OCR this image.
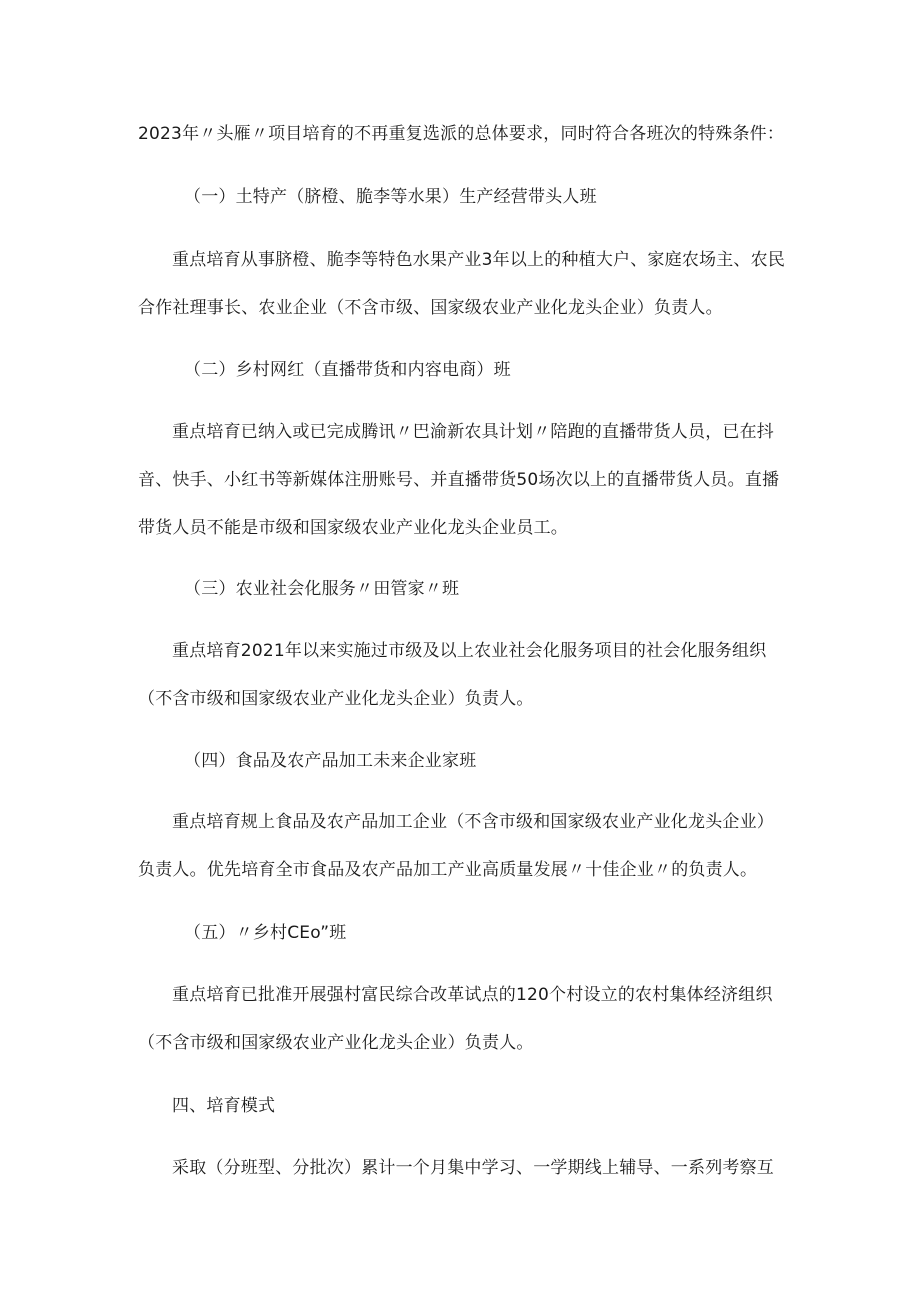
2023年〃头雁〃项目培育的不再重复选派的总体要求，同时符合各班次的特殊条件：

（一）土特产（脐橙、脆李等水果）生产经营带头人班

重点培育从事脐橙、脆李等特色水果产业3年以上的种植大户、家庭农场主、农民

合作社理事长、农业企业（不含市级、国家级农业产业化龙头企业）负责人。

（二）乡村网红（直播带货和内容电商）班

重点培育已纳入或已完成腾讯〃巴渝新农具计划〃陪跑的直播带货人员，已在抖

音、快手、小红书等新媒体注册账号、并直播带货50场次以上的直播带货人员。直播

带货人员不能是市级和国家级农业产业化龙头企业员工。

（三）农业社会化服务〃田管家〃班

重点培育2021年以来实施过市级及以上农业社会化服务项目的社会化服务组织

（不含市级和国家级农业产业化龙头企业）负责人。

（四）食品及农产品加工未来企业家班

重点培育规上食品及农产品加工企业（不含市级和国家级农业产业化龙头企业）

负责人。优先培育全市食品及农产品加工产业高质量发展〃十佳企业〃的负责人。

（五）〃乡村CEo”班

重点培育已批准开展强村富民综合改革试点的120个村设立的农村集体经济组织

（不含市级和国家级农业产业化龙头企业）负责人。

四、培育模式

采取（分班型、分批次）累计一个月集中学习、一学期线上辅导、一系列考察互
